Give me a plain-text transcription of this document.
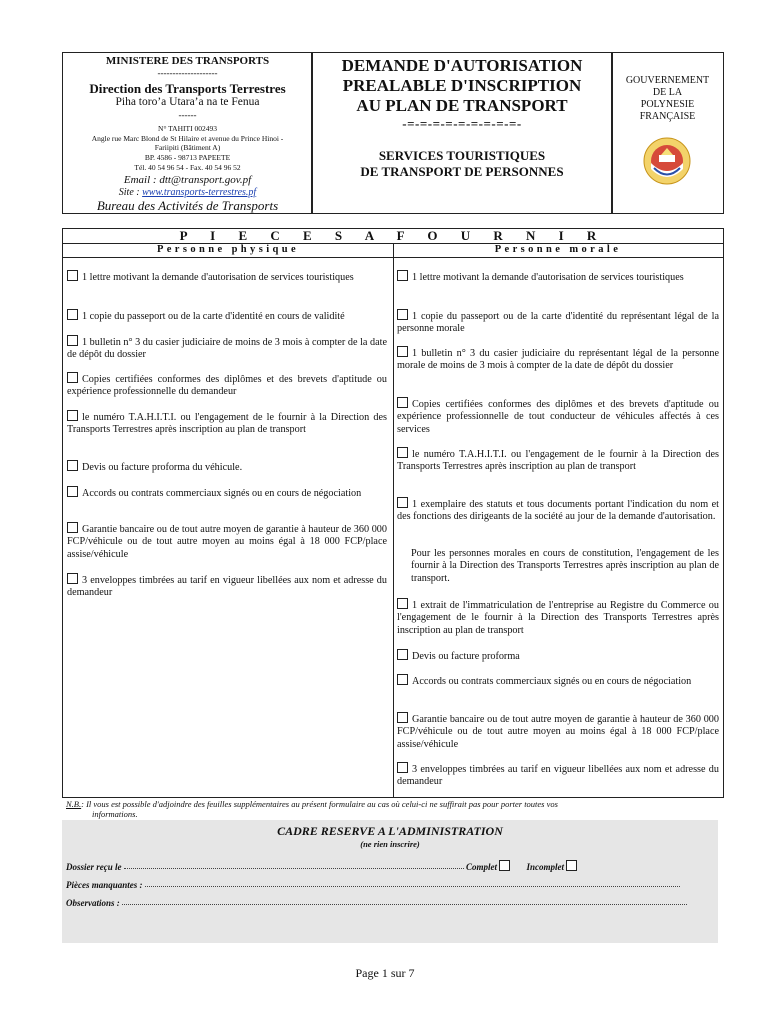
MINISTERE DES TRANSPORTS
--------------------
Direction des Transports Terrestres
Piha toro’a Utara’a na te Fenua
------
N° TAHITI 002493
Angle rue Marc Blond de St Hilaire et avenue du Prince Hinoi -
Fariipiti (Bâtiment A)
BP. 4586 - 98713 PAPEETE
Tél. 40 54 96 54 - Fax. 40 54 96 52
Email : dtt@transport.gov.pf
Site : www.transports-terrestres.pf
Bureau des Activités de Transports
DEMANDE D'AUTORISATION
PREALABLE D'INSCRIPTION
AU PLAN DE TRANSPORT
-=-=-=-=-=-=-=-=-=-
SERVICES TOURISTIQUES
DE TRANSPORT DE PERSONNES
GOUVERNEMENT
DE LA
POLYNESIE
FRANÇAISE
P I E C E S A F O U R N I R
Personne physique	Personne morale
1 lettre motivant la demande d'autorisation de services touristiques
1 copie du passeport ou de la carte d'identité en cours de validité
1 bulletin n° 3 du casier judiciaire de moins de 3 mois à compter de la date de dépôt du dossier
Copies certifiées conformes des diplômes et des brevets d'aptitude ou expérience professionnelle du demandeur
le numéro T.A.H.I.T.I. ou l'engagement de le fournir à la Direction des Transports Terrestres après inscription au plan de transport
Devis ou facture proforma du véhicule.
Accords ou contrats commerciaux signés ou en cours de négociation
Garantie bancaire ou de tout autre moyen de garantie à hauteur de 360 000 FCP/véhicule ou de tout autre moyen au moins égal à 18 000 FCP/place assise/véhicule
3 enveloppes timbrées au tarif en vigueur libellées aux nom et adresse du demandeur
1 lettre motivant la demande d'autorisation de services touristiques
1 copie du passeport ou de la carte d'identité du représentant légal de la personne morale
1 bulletin n° 3 du casier judiciaire du représentant légal de la personne morale de moins de 3 mois à compter de la date de dépôt du dossier
Copies certifiées conformes des diplômes et des brevets d'aptitude ou expérience professionnelle de tout conducteur de véhicules affectés à ces services
le numéro T.A.H.I.T.I. ou l'engagement de le fournir à la Direction des Transports Terrestres après inscription au plan de transport
1 exemplaire des statuts et tous documents portant l'indication du nom et des fonctions des dirigeants de la société au jour de la demande d'autorisation.
Pour les personnes morales en cours de constitution, l'engagement de les fournir à la Direction des Transports Terrestres après inscription au plan de transport.
1 extrait de l'immatriculation de l'entreprise au Registre du Commerce ou l'engagement de le fournir à la Direction des Transports Terrestres après inscription au plan de transport
Devis ou facture proforma
Accords ou contrats commerciaux signés ou en cours de négociation
Garantie bancaire ou de tout autre moyen de garantie à hauteur de 360 000 FCP/véhicule ou de tout autre moyen au moins égal à 18 000 FCP/place assise/véhicule
3 enveloppes timbrées au tarif en vigueur libellées aux nom et adresse du demandeur
N.B.: Il vous est possible d'adjoindre des feuilles supplémentaires au présent formulaire au cas où celui-ci ne suffirait pas pour porter toutes vos
informations.
CADRE RESERVE A L'ADMINISTRATION
(ne rien inscrire)
Dossier reçu le	Complet	Incomplet
Pièces manquantes :
Observations :
Page 1 sur 7
